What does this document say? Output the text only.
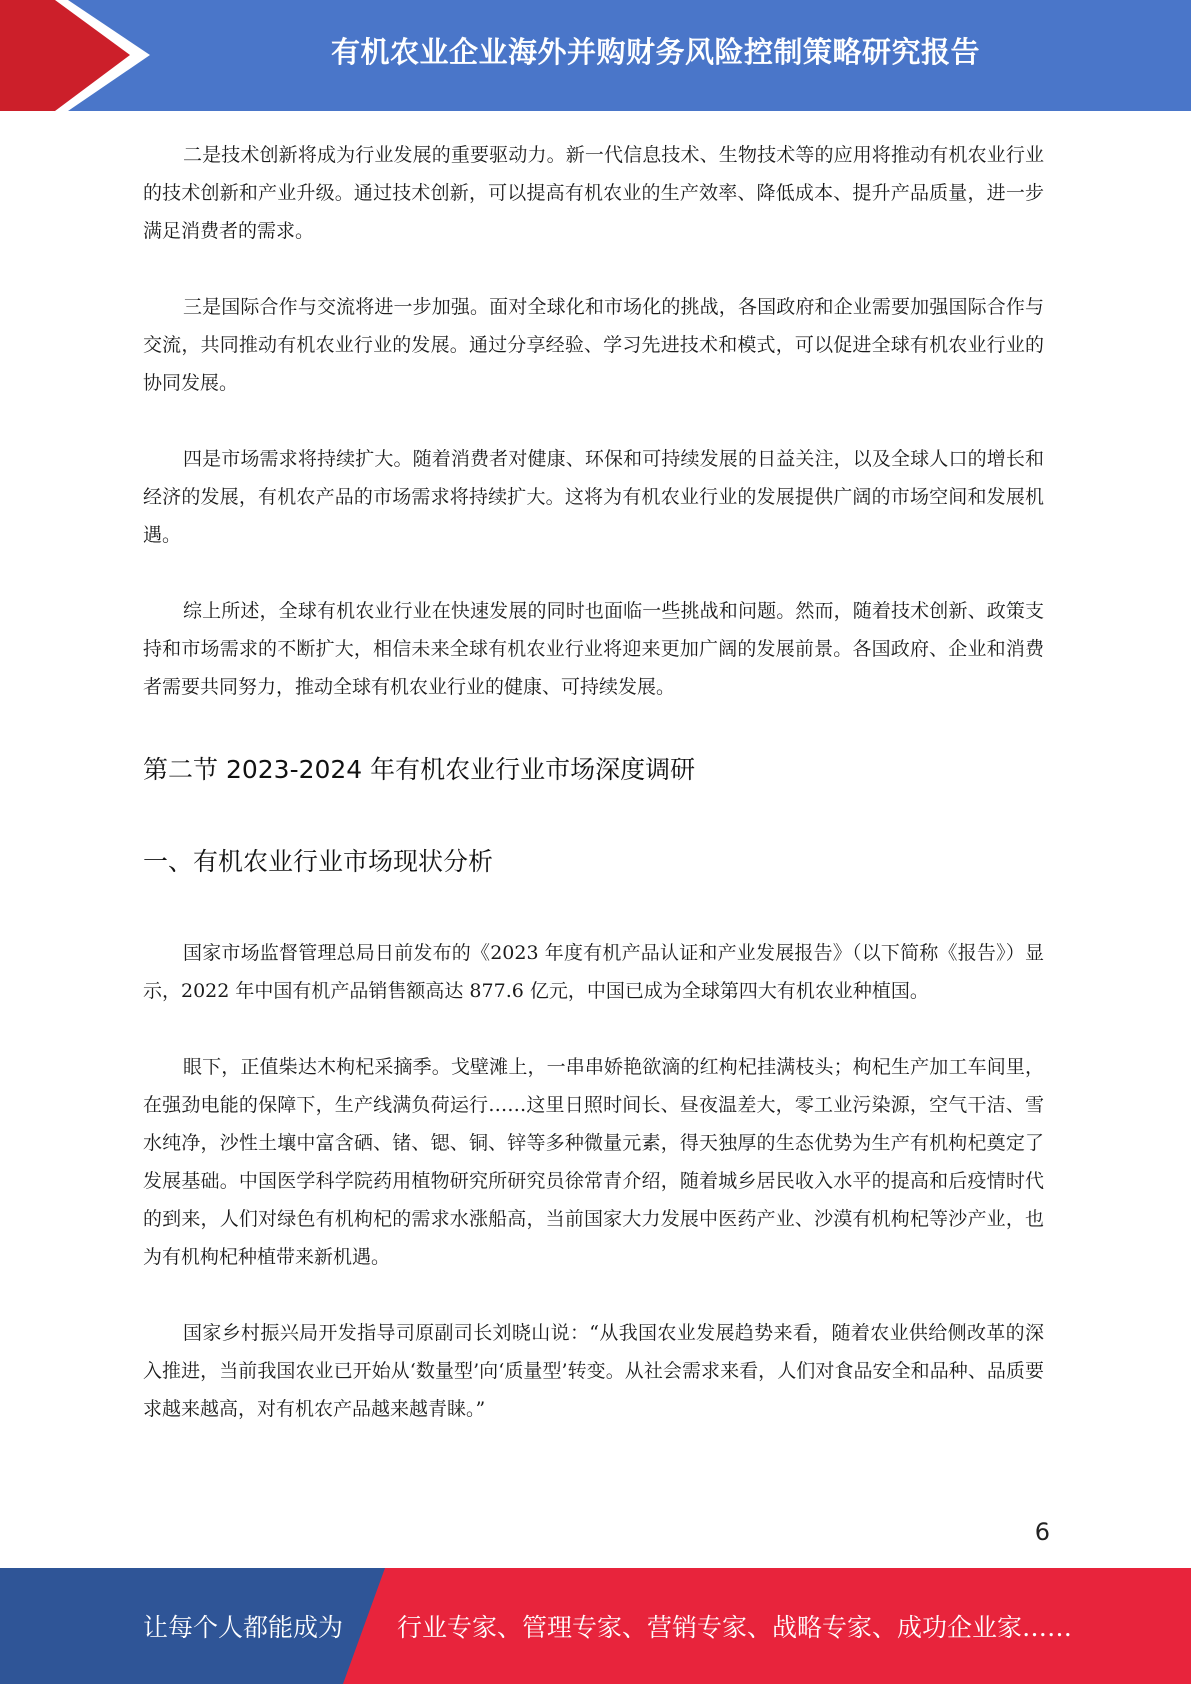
有机农业企业海外并购财务风险控制策略研究报告

二是技术创新将成为行业发展的重要驱动力。新一代信息技术、生物技术等的应用将推动有机农业行业的技术创新和产业升级。通过技术创新，可以提高有机农业的生产效率、降低成本、提升产品质量，进一步满足消费者的需求。

三是国际合作与交流将进一步加强。面对全球化和市场化的挑战，各国政府和企业需要加强国际合作与交流，共同推动有机农业行业的发展。通过分享经验、学习先进技术和模式，可以促进全球有机农业行业的协同发展。

四是市场需求将持续扩大。随着消费者对健康、环保和可持续发展的日益关注，以及全球人口的增长和经济的发展，有机农产品的市场需求将持续扩大。这将为有机农业行业的发展提供广阔的市场空间和发展机遇。

综上所述，全球有机农业行业在快速发展的同时也面临一些挑战和问题。然而，随着技术创新、政策支持和市场需求的不断扩大，相信未来全球有机农业行业将迎来更加广阔的发展前景。各国政府、企业和消费者需要共同努力，推动全球有机农业行业的健康、可持续发展。

第二节 2023-2024 年有机农业行业市场深度调研
一、有机农业行业市场现状分析

国家市场监督管理总局日前发布的《2023 年度有机产品认证和产业发展报告》（以下简称《报告》）显示，2022 年中国有机产品销售额高达 877.6 亿元，中国已成为全球第四大有机农业种植国。

眼下，正值柴达木枸杞采摘季。戈壁滩上，一串串娇艳欲滴的红枸杞挂满枝头；枸杞生产加工车间里，在强劲电能的保障下，生产线满负荷运行……这里日照时间长、昼夜温差大，零工业污染源，空气干洁、雪水纯净，沙性土壤中富含硒、锗、锶、铜、锌等多种微量元素，得天独厚的生态优势为生产有机枸杞奠定了发展基础。中国医学科学院药用植物研究所研究员徐常青介绍，随着城乡居民收入水平的提高和后疫情时代的到来，人们对绿色有机枸杞的需求水涨船高，当前国家大力发展中医药产业、沙漠有机枸杞等沙产业，也为有机枸杞种植带来新机遇。

国家乡村振兴局开发指导司原副司长刘晓山说：“从我国农业发展趋势来看，随着农业供给侧改革的深入推进，当前我国农业已开始从‘数量型’向‘质量型’转变。从社会需求来看，人们对食品安全和品种、品质要求越来越高，对有机农产品越来越青睐。”

6
让每个人都能成为 行业专家、管理专家、营销专家、战略专家、成功企业家……
